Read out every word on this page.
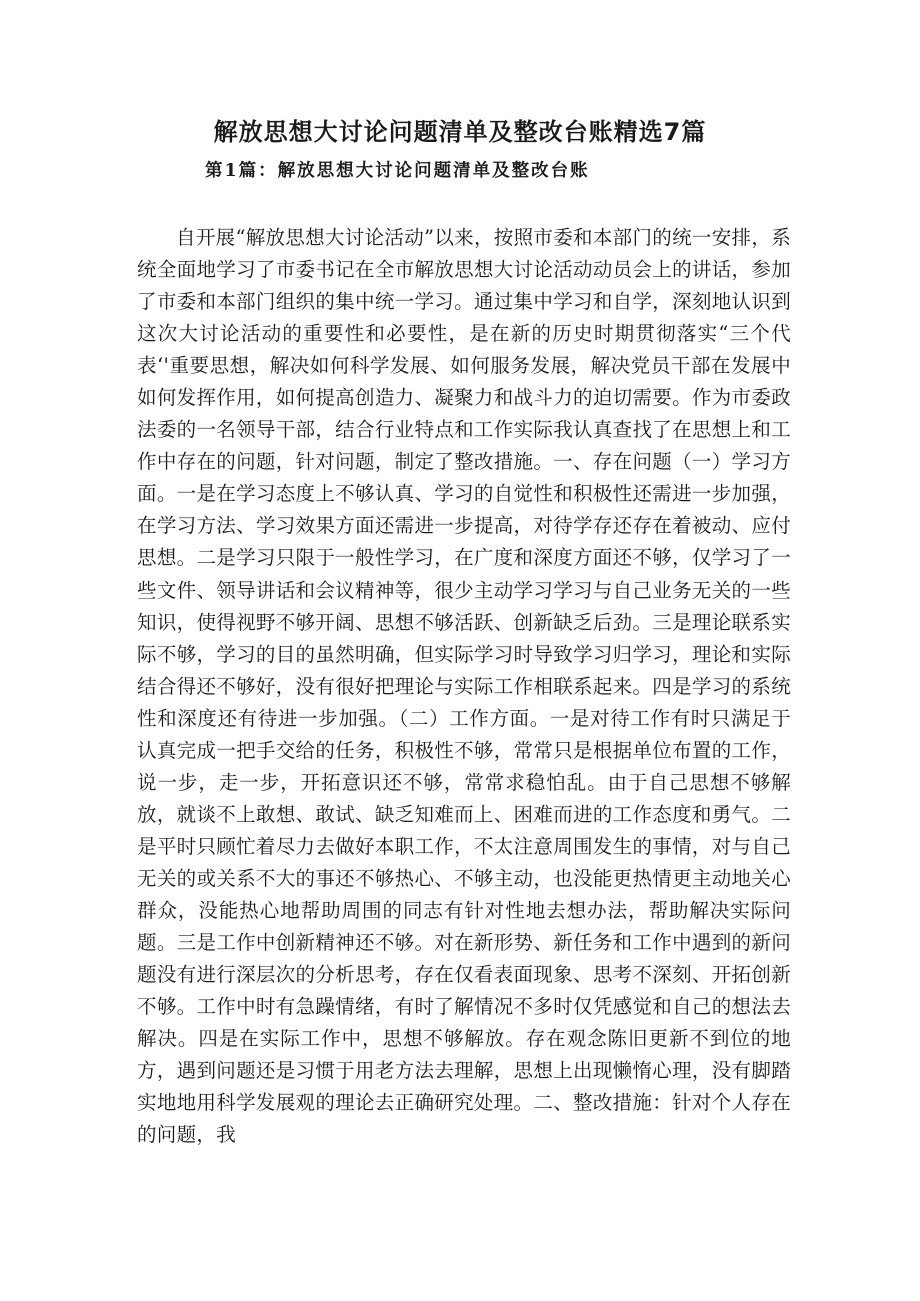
解放思想大讨论问题清单及整改台账精选7篇
第1篇：解放思想大讨论问题清单及整改台账

自开展“解放思想大讨论活动”以来，按照市委和本部门的统一安排，系统全面地学习了市委书记在全市解放思想大讨论活动动员会上的讲话，参加了市委和本部门组织的集中统一学习。通过集中学习和自学，深刻地认识到这次大讨论活动的重要性和必要性，是在新的历史时期贯彻落实“三个代表‘'重要思想，解决如何科学发展、如何服务发展，解决党员干部在发展中如何发挥作用，如何提高创造力、凝聚力和战斗力的迫切需要。作为市委政法委的一名领导干部，结合行业特点和工作实际我认真查找了在思想上和工作中存在的问题，针对问题，制定了整改措施。一、存在问题（一）学习方面。一是在学习态度上不够认真、学习的自觉性和积极性还需进一步加强，在学习方法、学习效果方面还需进一步提高，对待学存还存在着被动、应付思想。二是学习只限于一般性学习，在广度和深度方面还不够，仅学习了一些文件、领导讲话和会议精神等，很少主动学习学习与自己业务无关的一些知识，使得视野不够开阔、思想不够活跃、创新缺乏后劲。三是理论联系实际不够，学习的目的虽然明确，但实际学习时导致学习归学习，理论和实际结合得还不够好，没有很好把理论与实际工作相联系起来。四是学习的系统性和深度还有待进一步加强。（二）工作方面。一是对待工作有时只满足于认真完成一把手交给的任务，积极性不够，常常只是根据单位布置的工作，说一步，走一步，开拓意识还不够，常常求稳怕乱。由于自己思想不够解放，就谈不上敢想、敢试、缺乏知难而上、困难而进的工作态度和勇气。二是平时只顾忙着尽力去做好本职工作，不太注意周围发生的事情，对与自己无关的或关系不大的事还不够热心、不够主动，也没能更热情更主动地关心群众，没能热心地帮助周围的同志有针对性地去想办法，帮助解决实际问题。三是工作中创新精神还不够。对在新形势、新任务和工作中遇到的新问题没有进行深层次的分析思考，存在仅看表面现象、思考不深刻、开拓创新不够。工作中时有急躁情绪，有时了解情况不多时仅凭感觉和自己的想法去解决。四是在实际工作中，思想不够解放。存在观念陈旧更新不到位的地方，遇到问题还是习惯于用老方法去理解，思想上出现懒惰心理，没有脚踏实地地用科学发展观的理论去正确研究处理。二、整改措施：针对个人存在的问题，我
